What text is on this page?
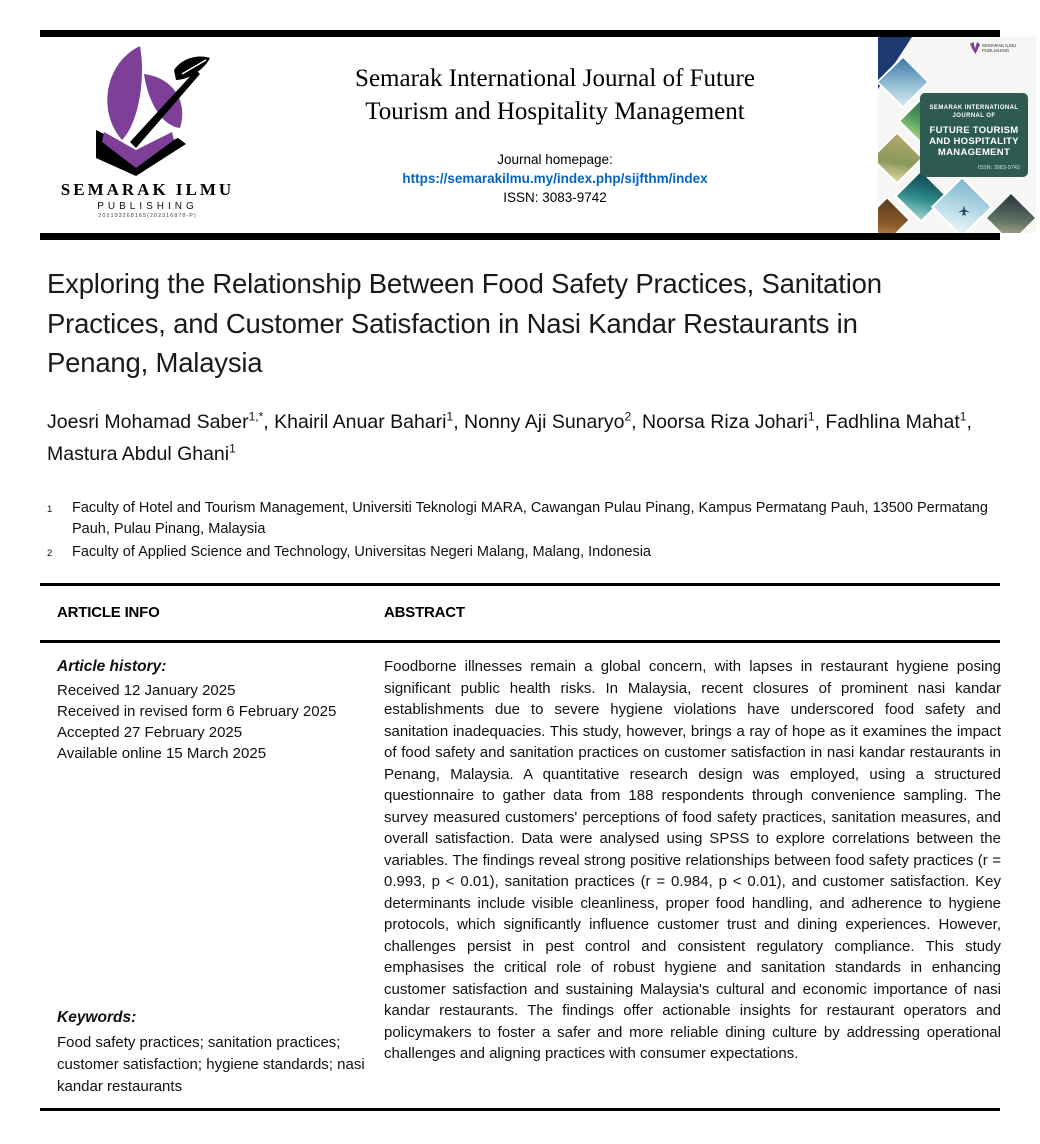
SEMARAK ILMU
PUBLISHING
202103268165(202316878-P)
Semarak International Journal of Future
Tourism and Hospitality Management
Journal homepage:
https://semarakilmu.my/index.php/sijfthm/index
ISSN: 3083-9742
SEMARAK ILMU PUBLISHING
SEMARAK INTERNATIONAL
JOURNAL OF
FUTURE TOURISM
AND HOSPITALITY
MANAGEMENT
ISSN: 3083-9742
Exploring the Relationship Between Food Safety Practices, Sanitation Practices, and Customer Satisfaction in Nasi Kandar Restaurants in Penang, Malaysia
Joesri Mohamad Saber$^{1,*}$, Khairil Anuar Bahari$^1$, Nonny Aji Sunaryo$^2$, Noorsa Riza Johari$^1$, Fadhlina Mahat$^1$, Mastura Abdul Ghani$^1$
1	Faculty of Hotel and Tourism Management, Universiti Teknologi MARA, Cawangan Pulau Pinang, Kampus Permatang Pauh, 13500 Permatang Pauh, Pulau Pinang, Malaysia
2	Faculty of Applied Science and Technology, Universitas Negeri Malang, Malang, Indonesia
ARTICLE INFO	ABSTRACT
Article history:
Received 12 January 2025
Received in revised form 6 February 2025
Accepted 27 February 2025
Available online 15 March 2025
Keywords:
Food safety practices; sanitation practices; customer satisfaction; hygiene standards; nasi kandar restaurants
Foodborne illnesses remain a global concern, with lapses in restaurant hygiene posing significant public health risks. In Malaysia, recent closures of prominent nasi kandar establishments due to severe hygiene violations have underscored food safety and sanitation inadequacies. This study, however, brings a ray of hope as it examines the impact of food safety and sanitation practices on customer satisfaction in nasi kandar restaurants in Penang, Malaysia. A quantitative research design was employed, using a structured questionnaire to gather data from 188 respondents through convenience sampling. The survey measured customers' perceptions of food safety practices, sanitation measures, and overall satisfaction. Data were analysed using SPSS to explore correlations between the variables. The findings reveal strong positive relationships between food safety practices (r = 0.993, p < 0.01), sanitation practices (r = 0.984, p < 0.01), and customer satisfaction. Key determinants include visible cleanliness, proper food handling, and adherence to hygiene protocols, which significantly influence customer trust and dining experiences. However, challenges persist in pest control and consistent regulatory compliance. This study emphasises the critical role of robust hygiene and sanitation standards in enhancing customer satisfaction and sustaining Malaysia's cultural and economic importance of nasi kandar restaurants. The findings offer actionable insights for restaurant operators and policymakers to foster a safer and more reliable dining culture by addressing operational challenges and aligning practices with consumer expectations.
